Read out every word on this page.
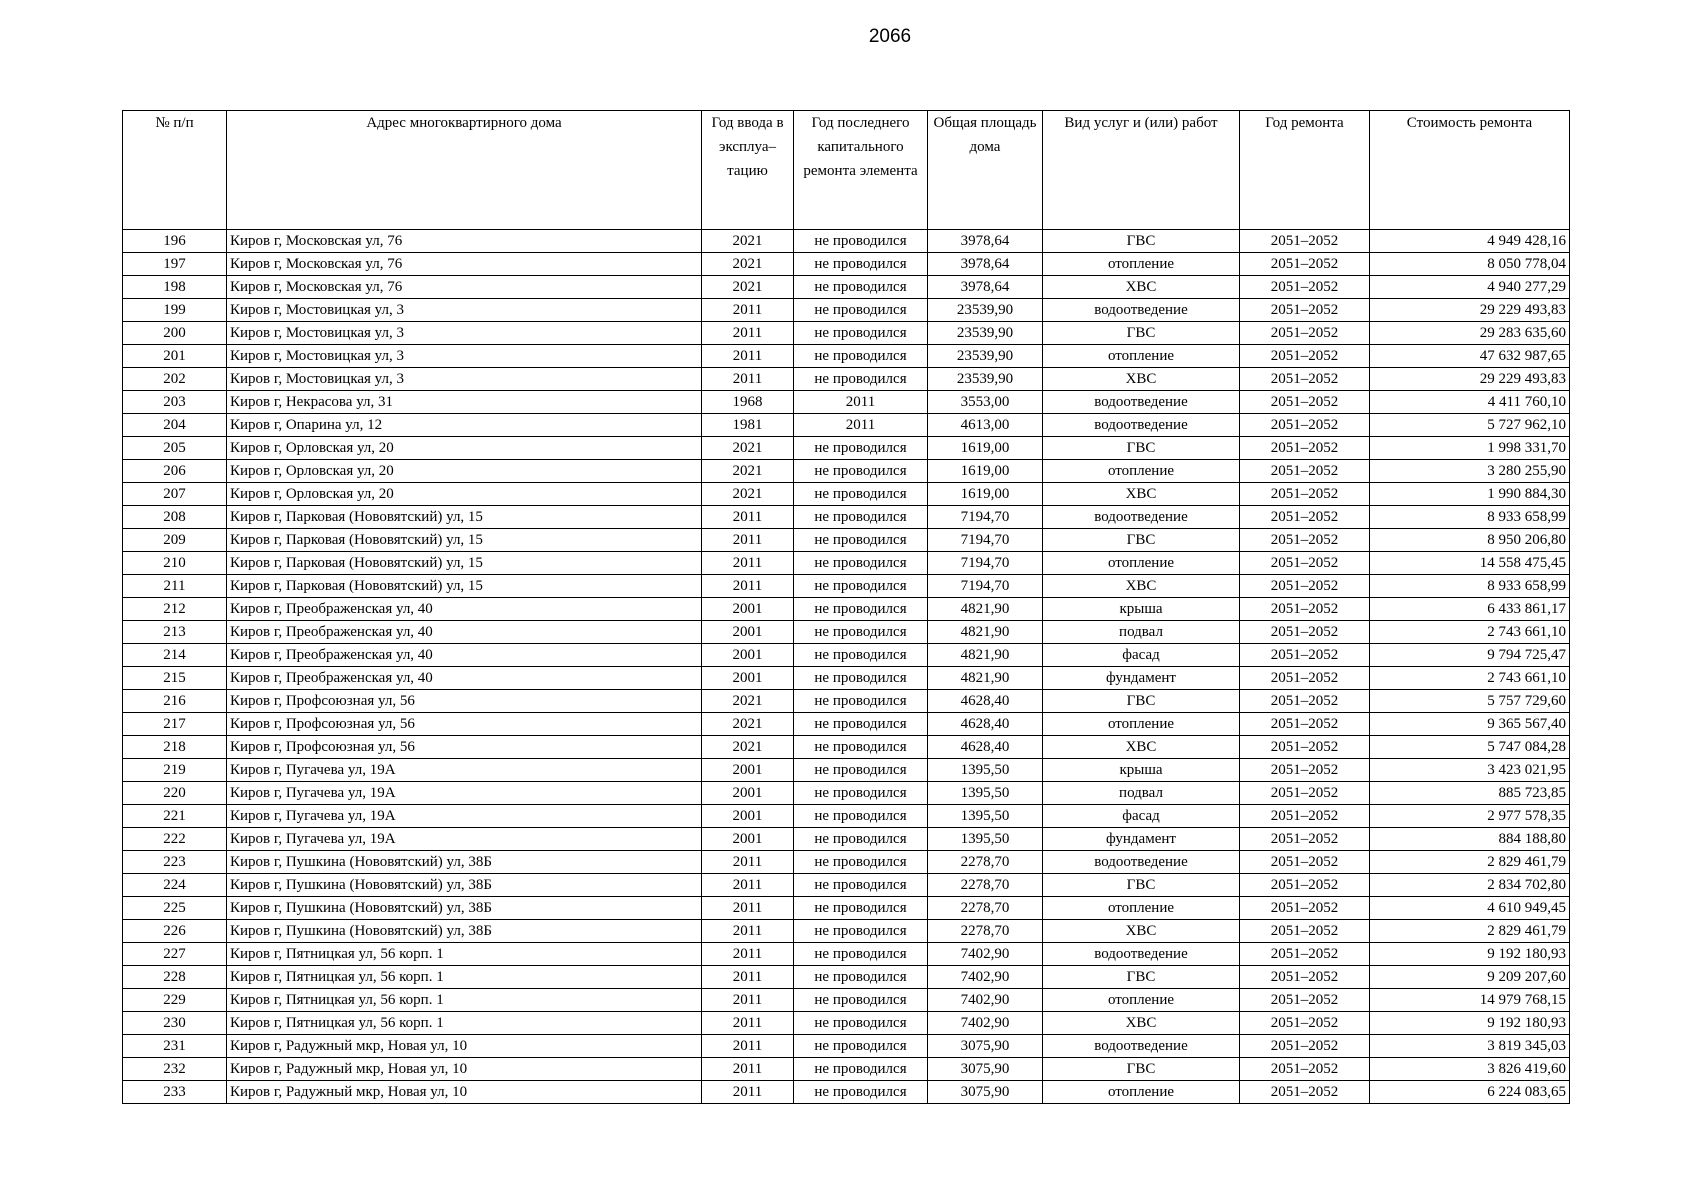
2066
№ п/п	Адрес многоквартирного дома	Год ввода в эксплуа–тацию	Год последнего капитального ремонта элемента	Общая площадь дома	Вид услуг и (или) работ	Год ремонта	Стоимость ремонта
196	Киров г, Московская ул, 76	2021	не проводился	3978,64	ГВС	2051–2052	4 949 428,16
197	Киров г, Московская ул, 76	2021	не проводился	3978,64	отопление	2051–2052	8 050 778,04
198	Киров г, Московская ул, 76	2021	не проводился	3978,64	ХВС	2051–2052	4 940 277,29
199	Киров г, Мостовицкая ул, 3	2011	не проводился	23539,90	водоотведение	2051–2052	29 229 493,83
200	Киров г, Мостовицкая ул, 3	2011	не проводился	23539,90	ГВС	2051–2052	29 283 635,60
201	Киров г, Мостовицкая ул, 3	2011	не проводился	23539,90	отопление	2051–2052	47 632 987,65
202	Киров г, Мостовицкая ул, 3	2011	не проводился	23539,90	ХВС	2051–2052	29 229 493,83
203	Киров г, Некрасова ул, 31	1968	2011	3553,00	водоотведение	2051–2052	4 411 760,10
204	Киров г, Опарина ул, 12	1981	2011	4613,00	водоотведение	2051–2052	5 727 962,10
205	Киров г, Орловская ул, 20	2021	не проводился	1619,00	ГВС	2051–2052	1 998 331,70
206	Киров г, Орловская ул, 20	2021	не проводился	1619,00	отопление	2051–2052	3 280 255,90
207	Киров г, Орловская ул, 20	2021	не проводился	1619,00	ХВС	2051–2052	1 990 884,30
208	Киров г, Парковая (Нововятский) ул, 15	2011	не проводился	7194,70	водоотведение	2051–2052	8 933 658,99
209	Киров г, Парковая (Нововятский) ул, 15	2011	не проводился	7194,70	ГВС	2051–2052	8 950 206,80
210	Киров г, Парковая (Нововятский) ул, 15	2011	не проводился	7194,70	отопление	2051–2052	14 558 475,45
211	Киров г, Парковая (Нововятский) ул, 15	2011	не проводился	7194,70	ХВС	2051–2052	8 933 658,99
212	Киров г, Преображенская ул, 40	2001	не проводился	4821,90	крыша	2051–2052	6 433 861,17
213	Киров г, Преображенская ул, 40	2001	не проводился	4821,90	подвал	2051–2052	2 743 661,10
214	Киров г, Преображенская ул, 40	2001	не проводился	4821,90	фасад	2051–2052	9 794 725,47
215	Киров г, Преображенская ул, 40	2001	не проводился	4821,90	фундамент	2051–2052	2 743 661,10
216	Киров г, Профсоюзная ул, 56	2021	не проводился	4628,40	ГВС	2051–2052	5 757 729,60
217	Киров г, Профсоюзная ул, 56	2021	не проводился	4628,40	отопление	2051–2052	9 365 567,40
218	Киров г, Профсоюзная ул, 56	2021	не проводился	4628,40	ХВС	2051–2052	5 747 084,28
219	Киров г, Пугачева ул, 19А	2001	не проводился	1395,50	крыша	2051–2052	3 423 021,95
220	Киров г, Пугачева ул, 19А	2001	не проводился	1395,50	подвал	2051–2052	885 723,85
221	Киров г, Пугачева ул, 19А	2001	не проводился	1395,50	фасад	2051–2052	2 977 578,35
222	Киров г, Пугачева ул, 19А	2001	не проводился	1395,50	фундамент	2051–2052	884 188,80
223	Киров г, Пушкина (Нововятский) ул, 38Б	2011	не проводился	2278,70	водоотведение	2051–2052	2 829 461,79
224	Киров г, Пушкина (Нововятский) ул, 38Б	2011	не проводился	2278,70	ГВС	2051–2052	2 834 702,80
225	Киров г, Пушкина (Нововятский) ул, 38Б	2011	не проводился	2278,70	отопление	2051–2052	4 610 949,45
226	Киров г, Пушкина (Нововятский) ул, 38Б	2011	не проводился	2278,70	ХВС	2051–2052	2 829 461,79
227	Киров г, Пятницкая ул, 56 корп. 1	2011	не проводился	7402,90	водоотведение	2051–2052	9 192 180,93
228	Киров г, Пятницкая ул, 56 корп. 1	2011	не проводился	7402,90	ГВС	2051–2052	9 209 207,60
229	Киров г, Пятницкая ул, 56 корп. 1	2011	не проводился	7402,90	отопление	2051–2052	14 979 768,15
230	Киров г, Пятницкая ул, 56 корп. 1	2011	не проводился	7402,90	ХВС	2051–2052	9 192 180,93
231	Киров г, Радужный мкр, Новая ул, 10	2011	не проводился	3075,90	водоотведение	2051–2052	3 819 345,03
232	Киров г, Радужный мкр, Новая ул, 10	2011	не проводился	3075,90	ГВС	2051–2052	3 826 419,60
233	Киров г, Радужный мкр, Новая ул, 10	2011	не проводился	3075,90	отопление	2051–2052	6 224 083,65
